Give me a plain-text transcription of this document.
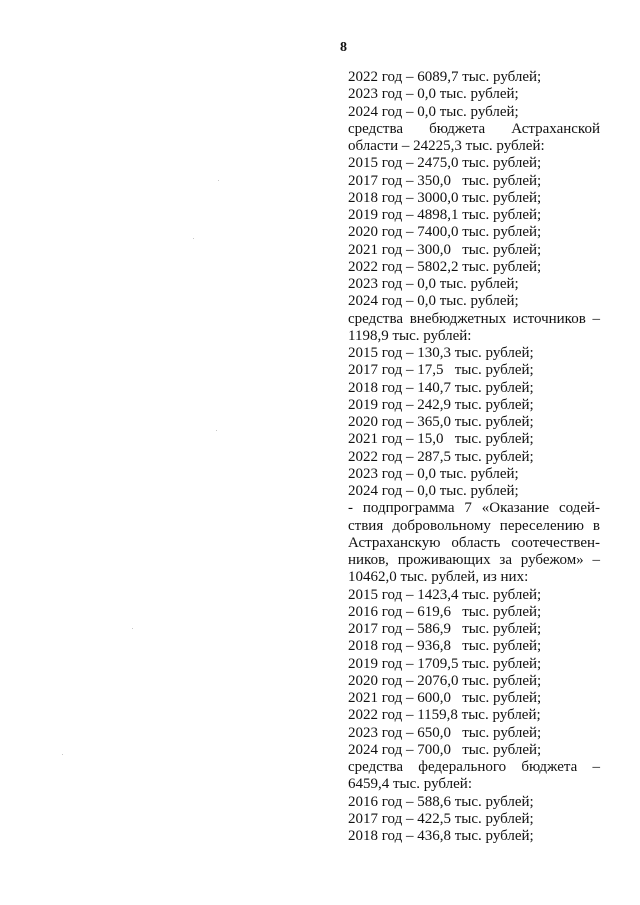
8
2022 год – 6089,7 тыс. рублей;
2023 год – 0,0 тыс. рублей;
2024 год – 0,0 тыс. рублей;
средства бюджета Астраханской
области – 24225,3 тыс. рублей:
2015 год – 2475,0 тыс. рублей;
2017 год – 350,0   тыс. рублей;
2018 год – 3000,0 тыс. рублей;
2019 год – 4898,1 тыс. рублей;
2020 год – 7400,0 тыс. рублей;
2021 год – 300,0   тыс. рублей;
2022 год – 5802,2 тыс. рублей;
2023 год – 0,0 тыс. рублей;
2024 год – 0,0 тыс. рублей;
средства внебюджетных источников –
1198,9 тыс. рублей:
2015 год – 130,3 тыс. рублей;
2017 год – 17,5   тыс. рублей;
2018 год – 140,7 тыс. рублей;
2019 год – 242,9 тыс. рублей;
2020 год – 365,0 тыс. рублей;
2021 год – 15,0   тыс. рублей;
2022 год – 287,5 тыс. рублей;
2023 год – 0,0 тыс. рублей;
2024 год – 0,0 тыс. рублей;
- подпрограмма 7 «Оказание содей-
ствия добровольному переселению в
Астраханскую область соотечествен-
ников, проживающих за рубежом» –
10462,0 тыс. рублей, из них:
2015 год – 1423,4 тыс. рублей;
2016 год – 619,6   тыс. рублей;
2017 год – 586,9   тыс. рублей;
2018 год – 936,8   тыс. рублей;
2019 год – 1709,5 тыс. рублей;
2020 год – 2076,0 тыс. рублей;
2021 год – 600,0   тыс. рублей;
2022 год – 1159,8 тыс. рублей;
2023 год – 650,0   тыс. рублей;
2024 год – 700,0   тыс. рублей;
средства федерального бюджета –
6459,4 тыс. рублей:
2016 год – 588,6 тыс. рублей;
2017 год – 422,5 тыс. рублей;
2018 год – 436,8 тыс. рублей;
